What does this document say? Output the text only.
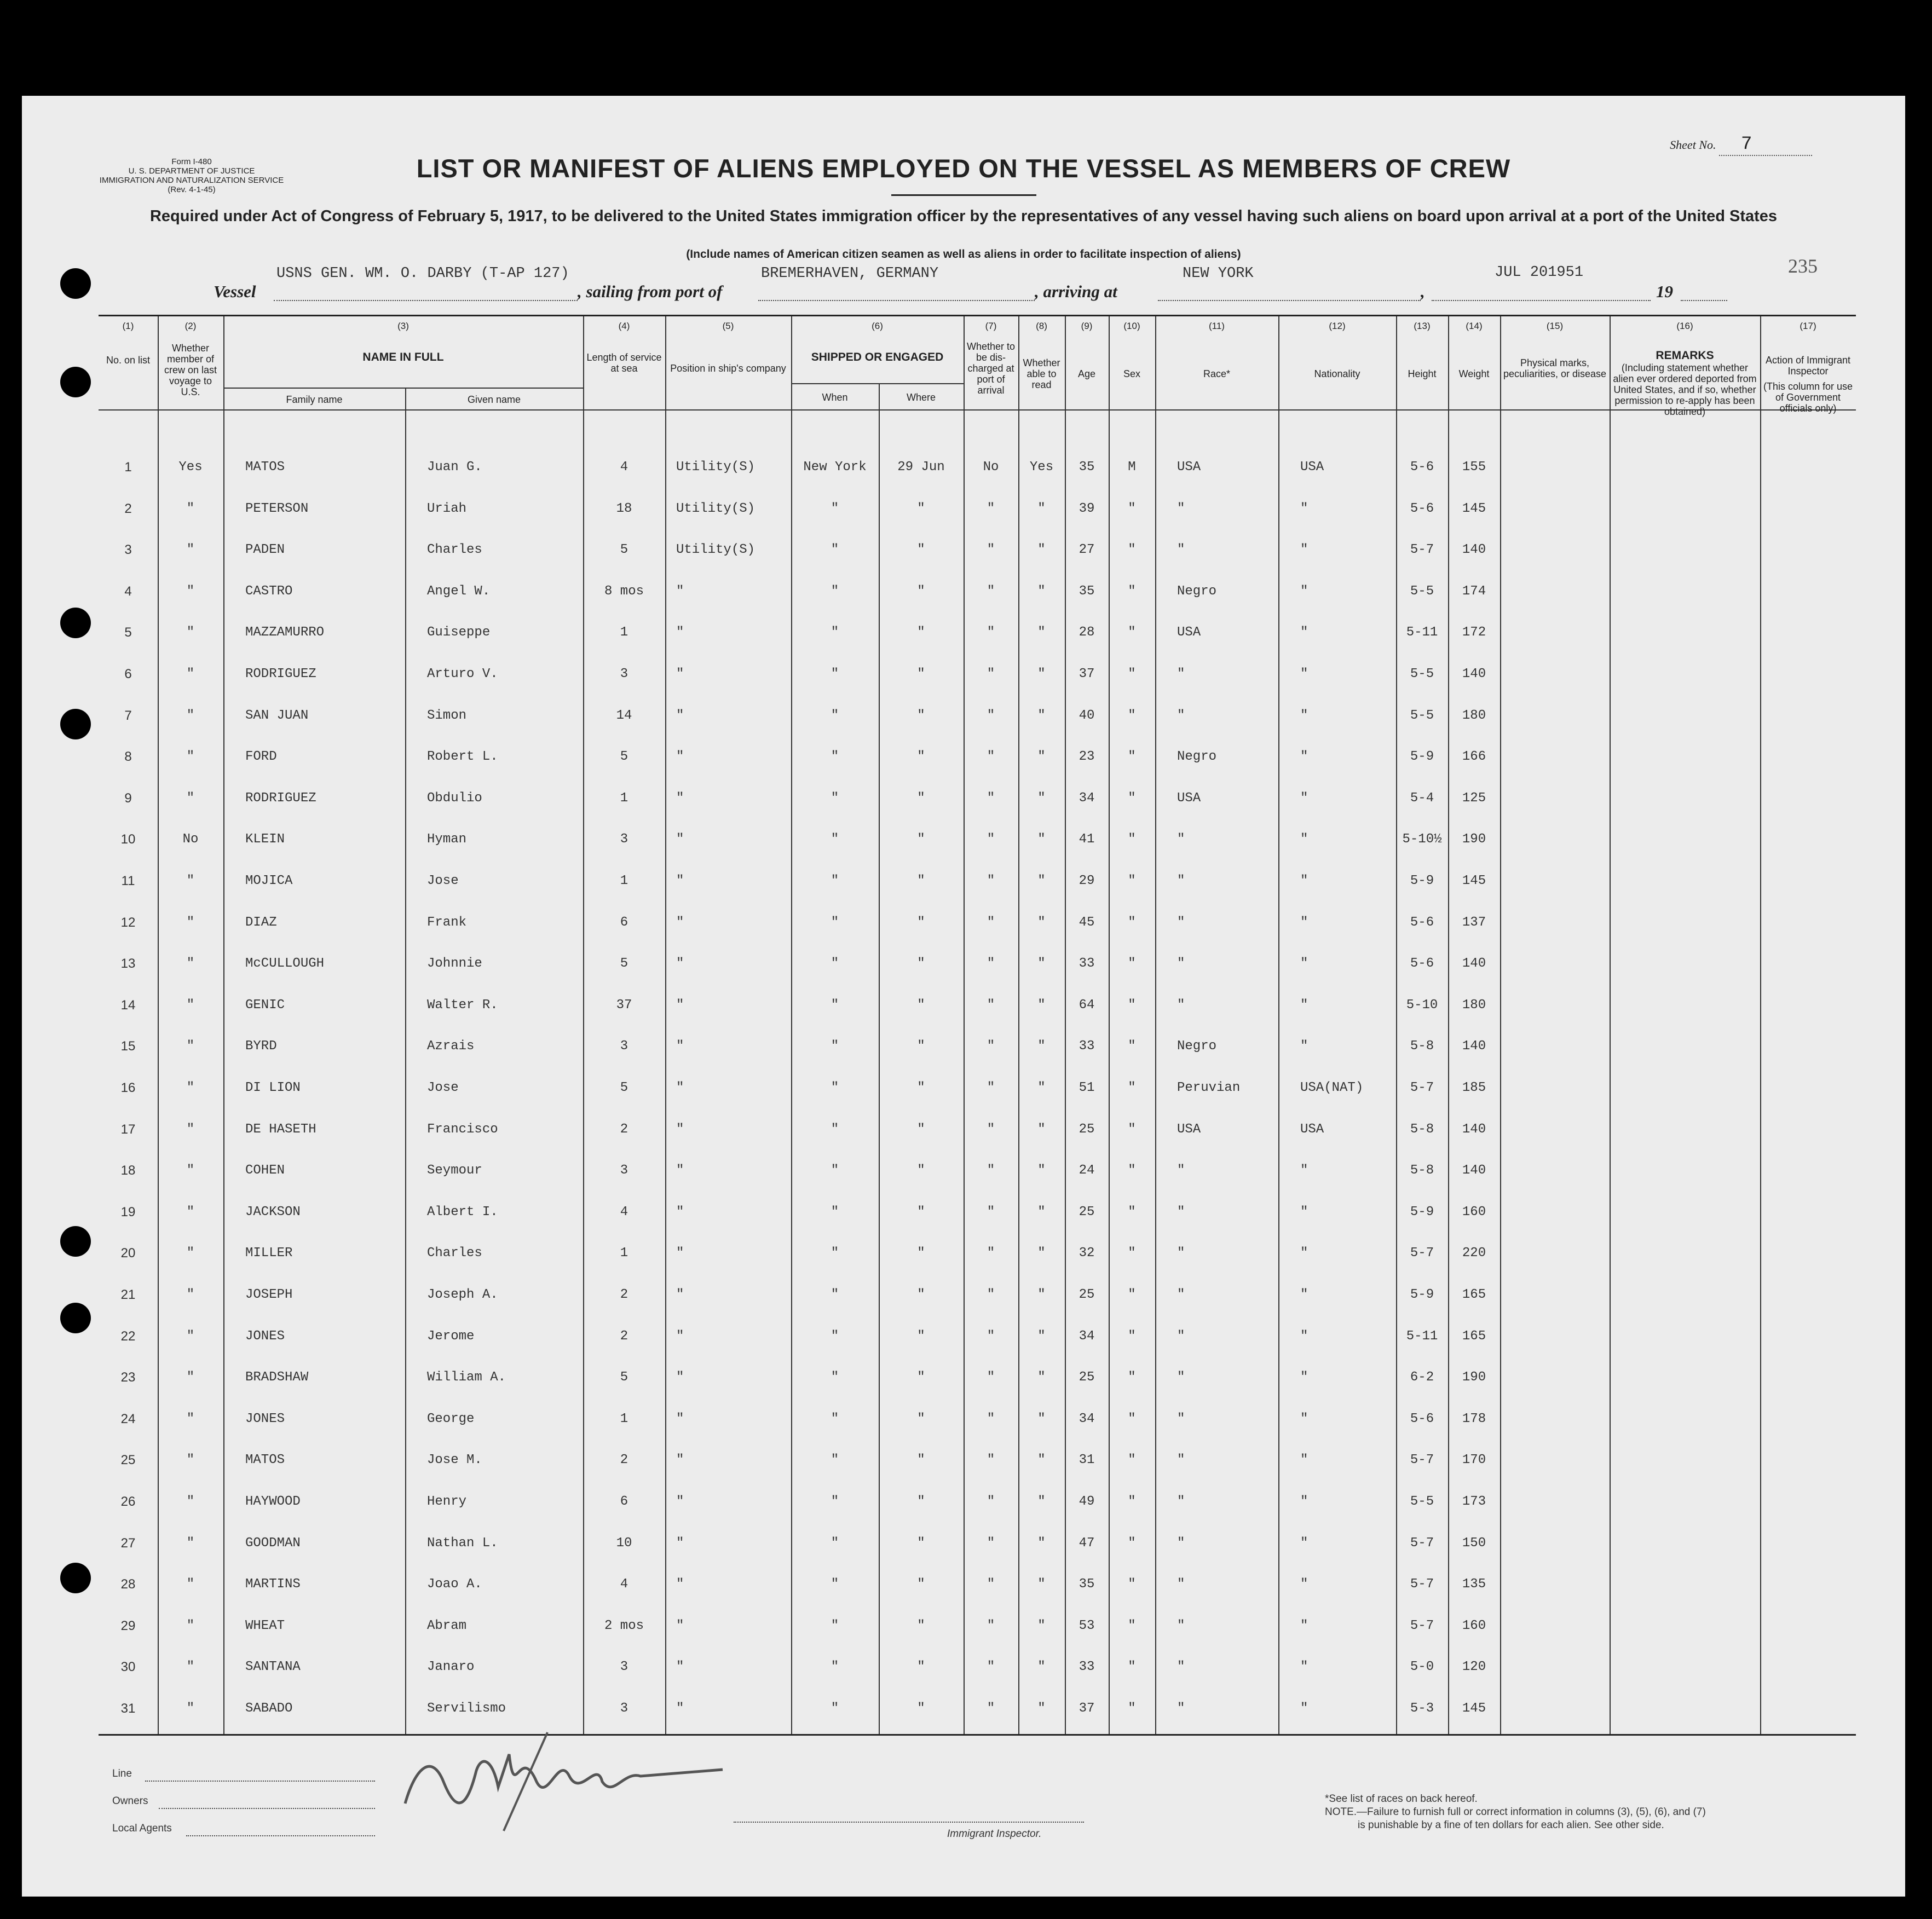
Form I-480
U. S. DEPARTMENT OF JUSTICE
IMMIGRATION AND NATURALIZATION SERVICE
(Rev. 4-1-45)
Sheet No. 7
LIST OR MANIFEST OF ALIENS EMPLOYED ON THE VESSEL AS MEMBERS OF CREW
Required under Act of Congress of February 5, 1917, to be delivered to the United States immigration officer by the representatives of any vessel having such aliens on board upon arrival at a port of the United States
(Include names of American citizen seamen as well as aliens in order to facilitate inspection of aliens)
235
Vessel
USNS GEN. WM. O. DARBY (T-AP 127)
, sailing from port of
BREMERHAVEN, GERMANY
, arriving at
NEW YORK
,
JUL 201951
19
(1)	(2)	(3)	(4)	(5)	(6)	(7)	(8)	(9)	(10)	(11)	(12)	(13)	(14)	(15)	(16)	(17)
No. on list
Whether member of crew on last voyage to U.S.
NAME IN FULL
Family name	Given name
Length of service at sea	Position in ship's company
SHIPPED OR ENGAGED
When	Where
Whether to be dis-charged at port of arrival
Whether able to read
Age	Sex	Race*	Nationality	Height	Weight
Physical marks, peculiarities, or disease
REMARKS
(Including statement whether alien ever ordered deported from United States, and if so, whether permission to re-apply has been obtained)
Action of Immigrant Inspector
(This column for use of Government officials only)
1	Yes	MATOS	Juan G.	4	Utility(S)	New York	29 Jun	No	Yes	35	M	USA	USA	5-6	155
2	"	PETERSON	Uriah	18	Utility(S)	"	"	"	"	39	"	"	"	5-6	145
3	"	PADEN	Charles	5	Utility(S)	"	"	"	"	27	"	"	"	5-7	140
4	"	CASTRO	Angel W.	8 mos	"	"	"	"	"	35	"	Negro	"	5-5	174
5	"	MAZZAMURRO	Guiseppe	1	"	"	"	"	"	28	"	USA	"	5-11	172
6	"	RODRIGUEZ	Arturo V.	3	"	"	"	"	"	37	"	"	"	5-5	140
7	"	SAN JUAN	Simon	14	"	"	"	"	"	40	"	"	"	5-5	180
8	"	FORD	Robert L.	5	"	"	"	"	"	23	"	Negro	"	5-9	166
9	"	RODRIGUEZ	Obdulio	1	"	"	"	"	"	34	"	USA	"	5-4	125
10	No	KLEIN	Hyman	3	"	"	"	"	"	41	"	"	"	5-10½	190
11	"	MOJICA	Jose	1	"	"	"	"	"	29	"	"	"	5-9	145
12	"	DIAZ	Frank	6	"	"	"	"	"	45	"	"	"	5-6	137
13	"	McCULLOUGH	Johnnie	5	"	"	"	"	"	33	"	"	"	5-6	140
14	"	GENIC	Walter R.	37	"	"	"	"	"	64	"	"	"	5-10	180
15	"	BYRD	Azrais	3	"	"	"	"	"	33	"	Negro	"	5-8	140
16	"	DI LION	Jose	5	"	"	"	"	"	51	"	Peruvian	USA(NAT)	5-7	185
17	"	DE HASETH	Francisco	2	"	"	"	"	"	25	"	USA	USA	5-8	140
18	"	COHEN	Seymour	3	"	"	"	"	"	24	"	"	"	5-8	140
19	"	JACKSON	Albert I.	4	"	"	"	"	"	25	"	"	"	5-9	160
20	"	MILLER	Charles	1	"	"	"	"	"	32	"	"	"	5-7	220
21	"	JOSEPH	Joseph A.	2	"	"	"	"	"	25	"	"	"	5-9	165
22	"	JONES	Jerome	2	"	"	"	"	"	34	"	"	"	5-11	165
23	"	BRADSHAW	William A.	5	"	"	"	"	"	25	"	"	"	6-2	190
24	"	JONES	George	1	"	"	"	"	"	34	"	"	"	5-6	178
25	"	MATOS	Jose M.	2	"	"	"	"	"	31	"	"	"	5-7	170
26	"	HAYWOOD	Henry	6	"	"	"	"	"	49	"	"	"	5-5	173
27	"	GOODMAN	Nathan L.	10	"	"	"	"	"	47	"	"	"	5-7	150
28	"	MARTINS	Joao A.	4	"	"	"	"	"	35	"	"	"	5-7	135
29	"	WHEAT	Abram	2 mos	"	"	"	"	"	53	"	"	"	5-7	160
30	"	SANTANA	Janaro	3	"	"	"	"	"	33	"	"	"	5-0	120
31	"	SABADO	Servilismo	3	"	"	"	"	"	37	"	"	"	5-3	145
Line
Owners
Local Agents	Immigrant Inspector.
*See list of races on back hereof.
NOTE.—Failure to furnish full or correct information in columns (3), (5), (6), and (7)
is punishable by a fine of ten dollars for each alien. See other side.
